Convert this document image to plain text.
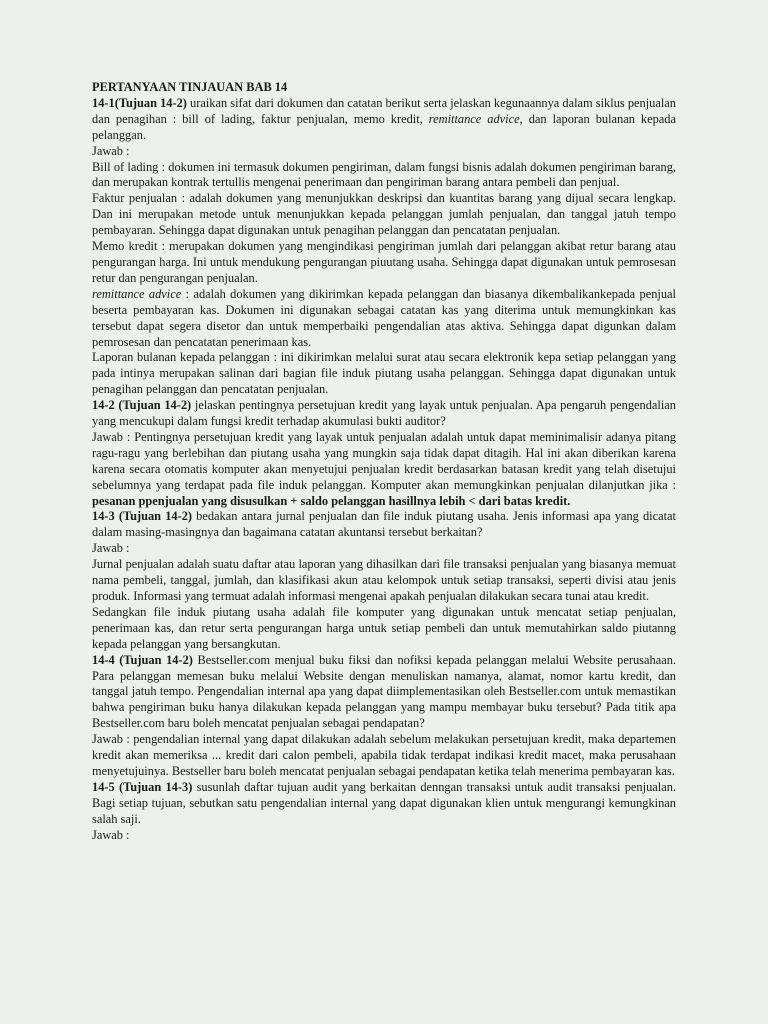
PERTANYAAN TINJAUAN BAB 14

14-1(Tujuan 14-2) uraikan sifat dari dokumen dan catatan berikut serta jelaskan kegunaannya dalam siklus penjualan dan penagihan : bill of lading, faktur penjualan, memo kredit, remittance advice, dan laporan bulanan kepada pelanggan.

Jawab :

Bill of lading : dokumen ini termasuk dokumen pengiriman, dalam fungsi bisnis adalah dokumen pengiriman barang, dan merupakan kontrak tertullis mengenai penerimaan dan pengiriman barang antara pembeli dan penjual.

Faktur penjualan : adalah dokumen yang menunjukkan deskripsi dan kuantitas barang yang dijual secara lengkap. Dan ini merupakan metode untuk menunjukkan kepada pelanggan jumlah penjualan, dan tanggal jatuh tempo pembayaran. Sehingga dapat digunakan untuk penagihan pelanggan dan pencatatan penjualan.

Memo kredit : merupakan dokumen yang mengindikasi pengiriman jumlah dari pelanggan akibat retur barang atau pengurangan harga. Ini untuk mendukung pengurangan piuutang usaha. Sehingga dapat digunakan untuk pemrosesan retur dan pengurangan penjualan.

remittance advice : adalah dokumen yang dikirimkan kepada pelanggan dan biasanya dikembalikankepada penjual beserta pembayaran kas. Dokumen ini digunakan sebagai catatan kas yang diterima untuk memungkinkan kas tersebut dapat segera disetor dan untuk memperbaiki pengendalian atas aktiva. Sehingga dapat digunkan dalam pemrosesan dan pencatatan penerimaan kas.

Laporan bulanan kepada pelanggan : ini dikirimkan melalui surat atau secara elektronik kepa setiap pelanggan yang pada intinya merupakan salinan dari bagian file induk piutang usaha pelanggan. Sehingga dapat digunakan untuk penagihan pelanggan dan pencatatan penjualan.

14-2 (Tujuan 14-2) jelaskan pentingnya persetujuan kredit yang layak untuk penjualan. Apa pengaruh pengendalian yang mencukupi dalam fungsi kredit terhadap akumulasi bukti auditor?

Jawab : Pentingnya persetujuan kredit yang layak untuk penjualan adalah untuk dapat meminimalisir adanya pitang ragu-ragu yang berlebihan dan piutang usaha yang mungkin saja tidak dapat ditagih. Hal ini akan diberikan karena karena secara otomatis komputer akan menyetujui penjualan kredit berdasarkan batasan kredit yang telah disetujui sebelumnya yang terdapat pada file induk pelanggan. Komputer akan memungkinkan penjualan dilanjutkan jika : pesanan ppenjualan yang disusulkan + saldo pelanggan hasillnya lebih < dari batas kredit.

14-3 (Tujuan 14-2) bedakan antara jurnal penjualan dan file induk piutang usaha. Jenis informasi apa yang dicatat dalam masing-masingnya dan bagaimana catatan akuntansi tersebut berkaitan?

Jawab :

Jurnal penjualan adalah suatu daftar atau laporan yang dihasilkan dari file transaksi penjualan yang biasanya memuat nama pembeli, tanggal, jumlah, dan klasifikasi akun atau kelompok untuk setiap transaksi, seperti divisi atau jenis produk. Informasi yang termuat adalah informasi mengenai apakah penjualan dilakukan secara tunai atau kredit.

Sedangkan file induk piutang usaha adalah file komputer yang digunakan untuk mencatat setiap penjualan, penerimaan kas, dan retur serta pengurangan harga untuk setiap pembeli dan untuk memutahirkan saldo piutanng kepada pelanggan yang bersangkutan.

14-4 (Tujuan 14-2) Bestseller.com menjual buku fiksi dan nofiksi kepada pelanggan melalui Website perusahaan. Para pelanggan memesan buku melalui Website dengan menuliskan namanya, alamat, nomor kartu kredit, dan tanggal jatuh tempo. Pengendalian internal apa yang dapat diimplementasikan oleh Bestseller.com untuk memastikan bahwa pengiriman buku hanya dilakukan kepada pelanggan yang mampu membayar buku tersebut? Pada titik apa Bestseller.com baru boleh mencatat penjualan sebagai pendapatan?

Jawab : pengendalian internal yang dapat dilakukan adalah sebelum melakukan persetujuan kredit, maka departemen kredit akan memeriksa ... kredit dari calon pembeli, apabila tidak terdapat indikasi kredit macet, maka perusahaan menyetujuinya. Bestseller baru boleh mencatat penjualan sebagai pendapatan ketika telah menerima pembayaran kas.

14-5 (Tujuan 14-3) susunlah daftar tujuan audit yang berkaitan denngan transaksi untuk audit transaksi penjualan. Bagi setiap tujuan, sebutkan satu pengendalian internal yang dapat digunakan klien untuk mengurangi kemungkinan salah saji.

Jawab :
